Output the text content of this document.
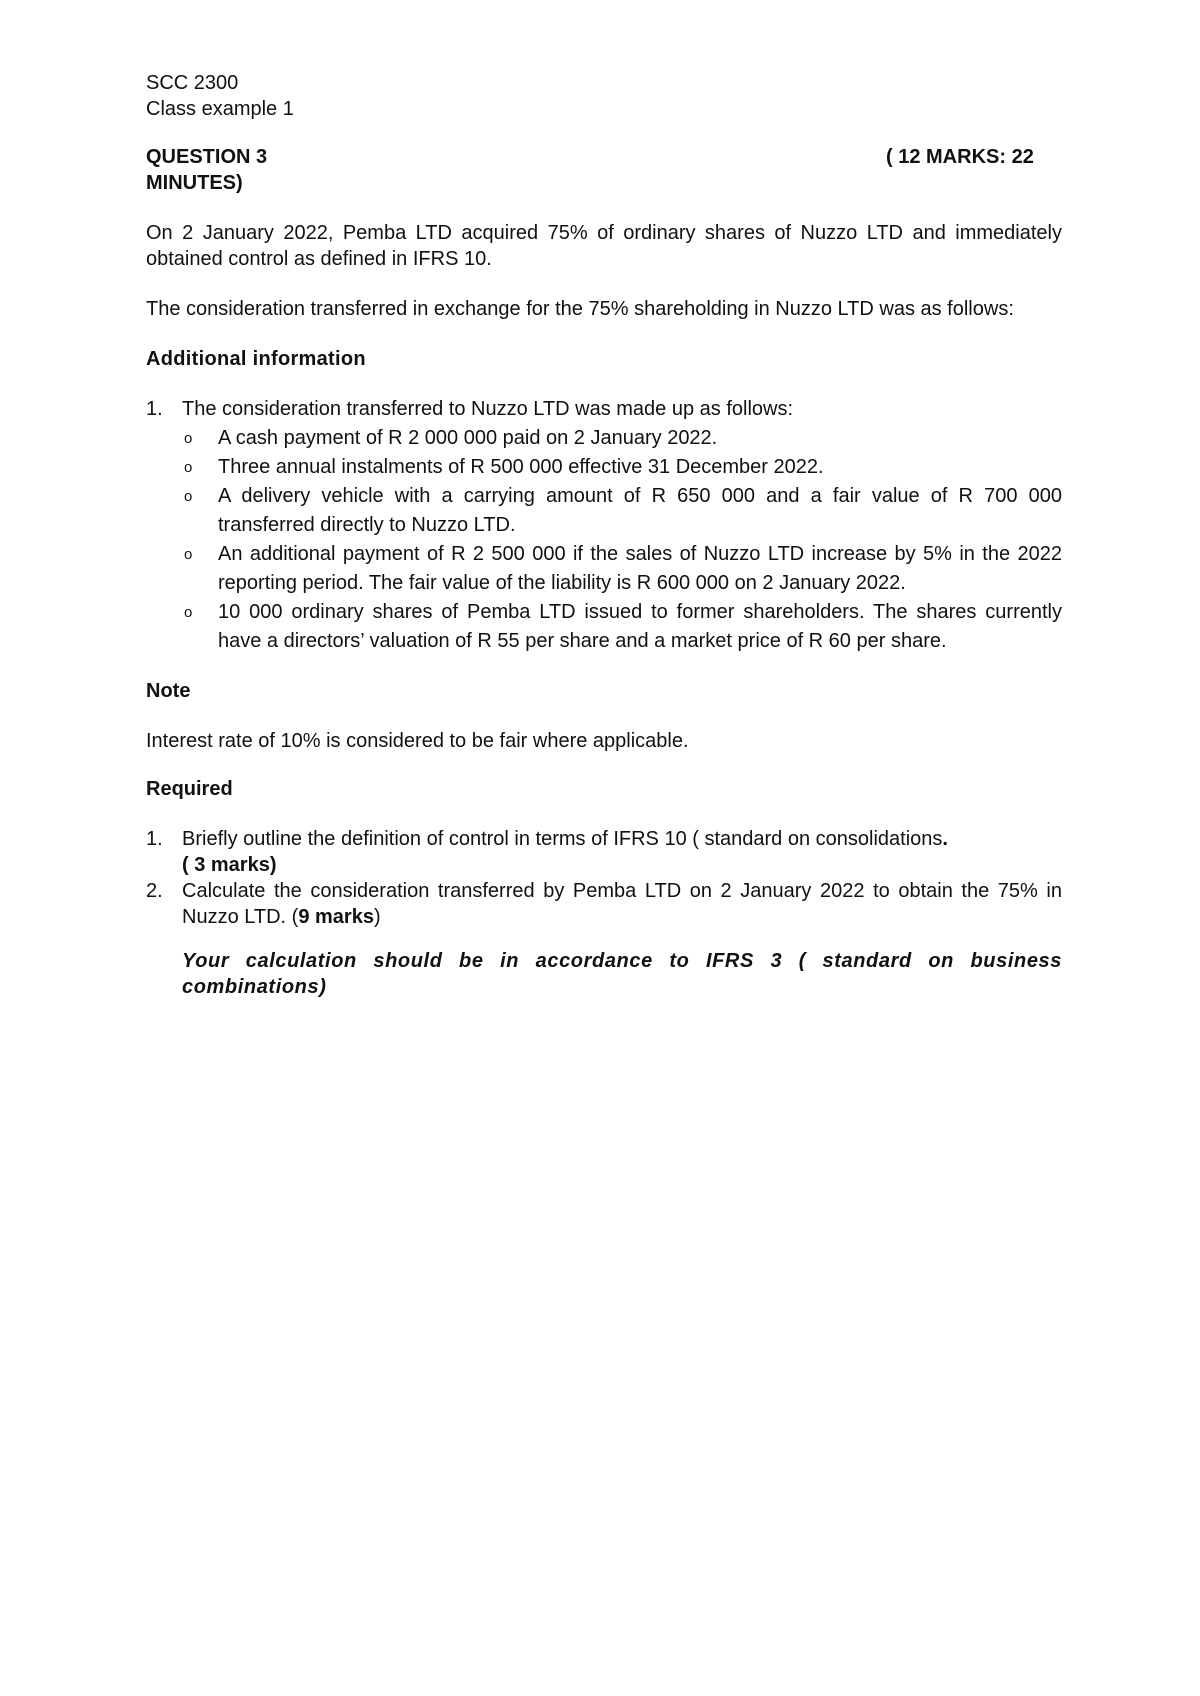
SCC 2300

Class example 1

QUESTION 3	( 12 MARKS: 22
MINUTES)

On 2 January 2022, Pemba LTD acquired 75% of ordinary shares of Nuzzo LTD and immediately obtained control as defined in IFRS 10.

The consideration transferred in exchange for the 75% shareholding in Nuzzo LTD was as follows:

Additional information

1. The consideration transferred to Nuzzo LTD was made up as follows:
o A cash payment of R 2 000 000 paid on 2 January 2022.
o Three annual instalments of R 500 000 effective 31 December 2022.
o A delivery vehicle with a carrying amount of R 650 000 and a fair value of R 700 000 transferred directly to Nuzzo LTD.
o An additional payment of R 2 500 000 if the sales of Nuzzo LTD increase by 5% in the 2022 reporting period. The fair value of the liability is R 600 000 on 2 January 2022.
o 10 000 ordinary shares of Pemba LTD issued to former shareholders. The shares currently have a directors’ valuation of R 55 per share and a market price of R 60 per share.

Note

Interest rate of 10% is considered to be fair where applicable.

Required

1. Briefly outline the definition of control in terms of IFRS 10 ( standard on consolidations.
( 3 marks)
2. Calculate the consideration transferred by Pemba LTD on 2 January 2022 to obtain the 75% in Nuzzo LTD. (9 marks)

Your calculation should be in accordance to IFRS 3 ( standard on business combinations)
